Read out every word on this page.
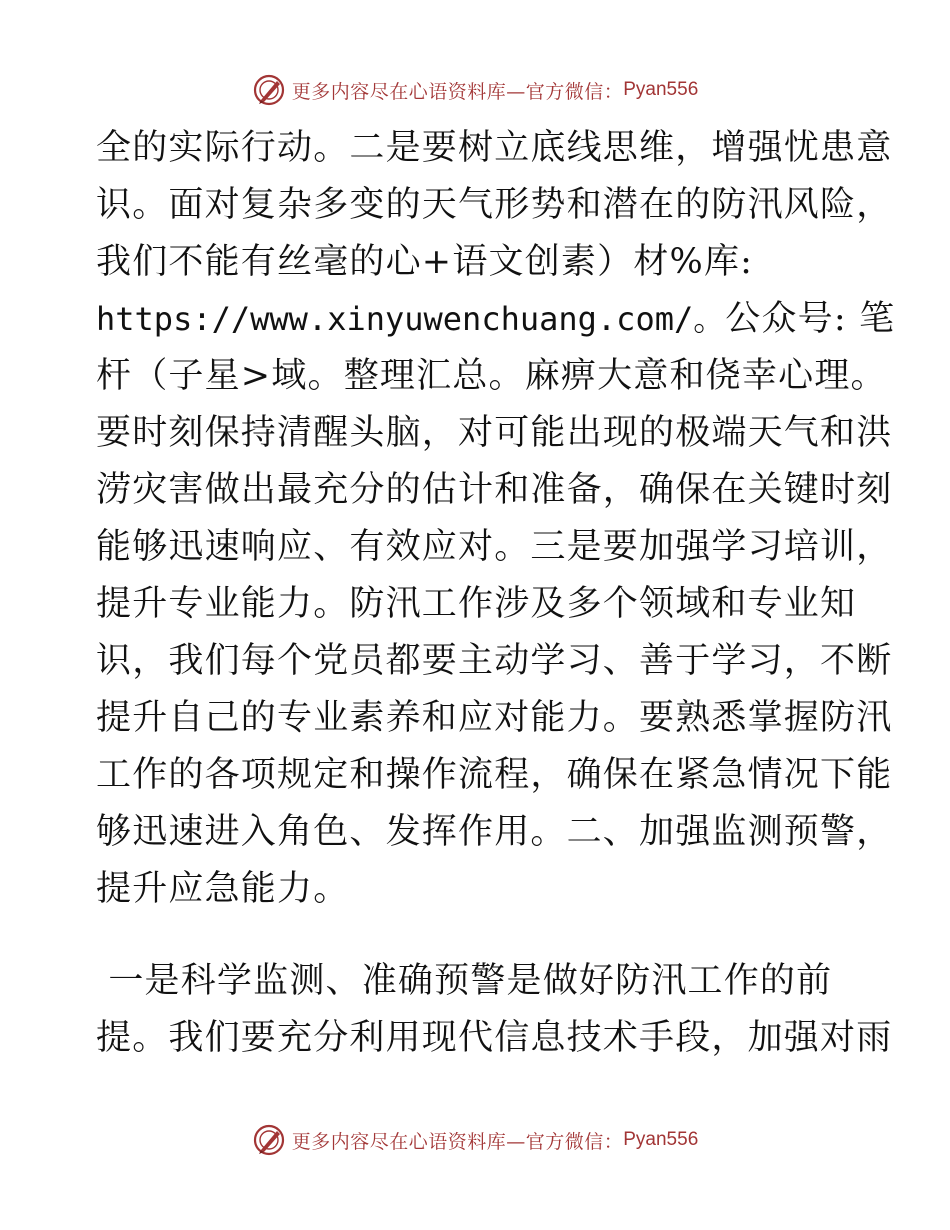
更多内容尽在心语资料库—官方微信： Pyan556
全的实际行动。二是要树立底线思维，增强忧患意
识。面对复杂多变的天气形势和潜在的防汛风险，
我们不能有丝毫的心+语文创素）材%库:
https://www.xinyuwenchuang.com/。公众号: 笔
杆（子星>域。整理汇总。麻痹大意和侥幸心理。
要时刻保持清醒头脑，对可能出现的极端天气和洪
涝灾害做出最充分的估计和准备，确保在关键时刻
能够迅速响应、有效应对。三是要加强学习培训，
提升专业能力。防汛工作涉及多个领域和专业知
识，我们每个党员都要主动学习、善于学习，不断
提升自己的专业素养和应对能力。要熟悉掌握防汛
工作的各项规定和操作流程，确保在紧急情况下能
够迅速进入角色、发挥作用。二、加强监测预警，
提升应急能力。
一是科学监测、准确预警是做好防汛工作的前
提。我们要充分利用现代信息技术手段，加强对雨
更多内容尽在心语资料库—官方微信： Pyan556
